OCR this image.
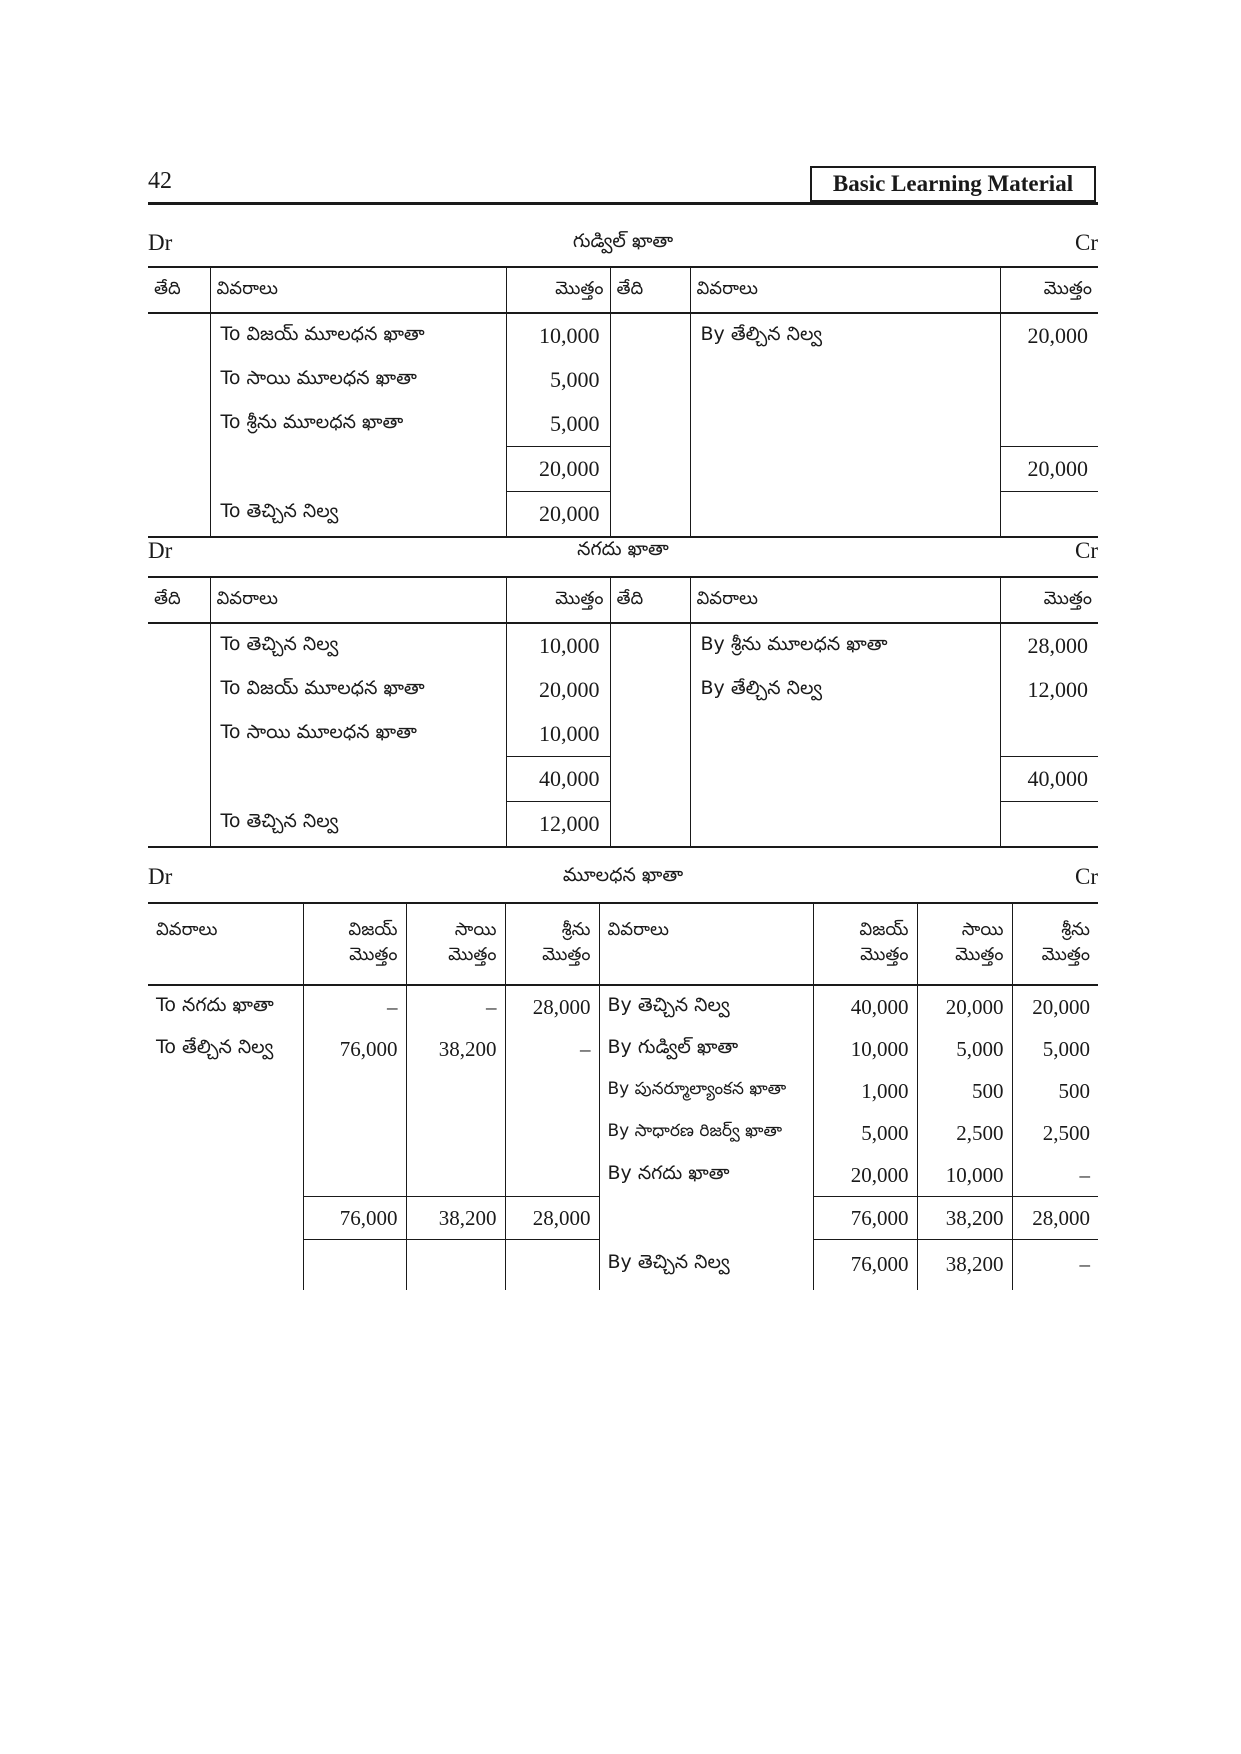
42	Basic Learning Material
Dr	గుడ్విల్ ఖాతా	Cr
తేది	వివరాలు	మొత్తం	తేది	వివరాలు	మొత్తం
	To విజయ్ మూలధన ఖాతా	10,000		By తేల్చిన నిల్వ	20,000
	To సాయి మూలధన ఖాతా	5,000			
	To శ్రీను మూలధన ఖాతా	5,000			
		20,000			20,000
	To తెచ్చిన నిల్వ	20,000			
Dr	నగదు ఖాతా	Cr
తేది	వివరాలు	మొత్తం	తేది	వివరాలు	మొత్తం
	To తెచ్చిన నిల్వ	10,000		By శ్రీను మూలధన ఖాతా	28,000
	To విజయ్ మూలధన ఖాతా	20,000		By తేల్చిన నిల్వ	12,000
	To సాయి మూలధన ఖాతా	10,000			
		40,000			40,000
	To తెచ్చిన నిల్వ	12,000			
Dr	మూలధన ఖాతా	Cr
వివరాలు	విజయ్	సాయి	శ్రీను	వివరాలు	విజయ్	సాయి	శ్రీను
	మొత్తం	మొత్తం	మొత్తం		మొత్తం	మొత్తం	మొత్తం
To నగదు ఖాతా	–	–	28,000	By తెచ్చిన నిల్వ	40,000	20,000	20,000
To తేల్చిన నిల్వ	76,000	38,200	–	By గుడ్విల్ ఖాతా	10,000	5,000	5,000
				By పునర్మూల్యాంకన ఖాతా	1,000	500	500
				By సాధారణ రిజర్వ్ ఖాతా	5,000	2,500	2,500
				By నగదు ఖాతా	20,000	10,000	–
	76,000	38,200	28,000		76,000	38,200	28,000
				By తెచ్చిన నిల్వ	76,000	38,200	–
